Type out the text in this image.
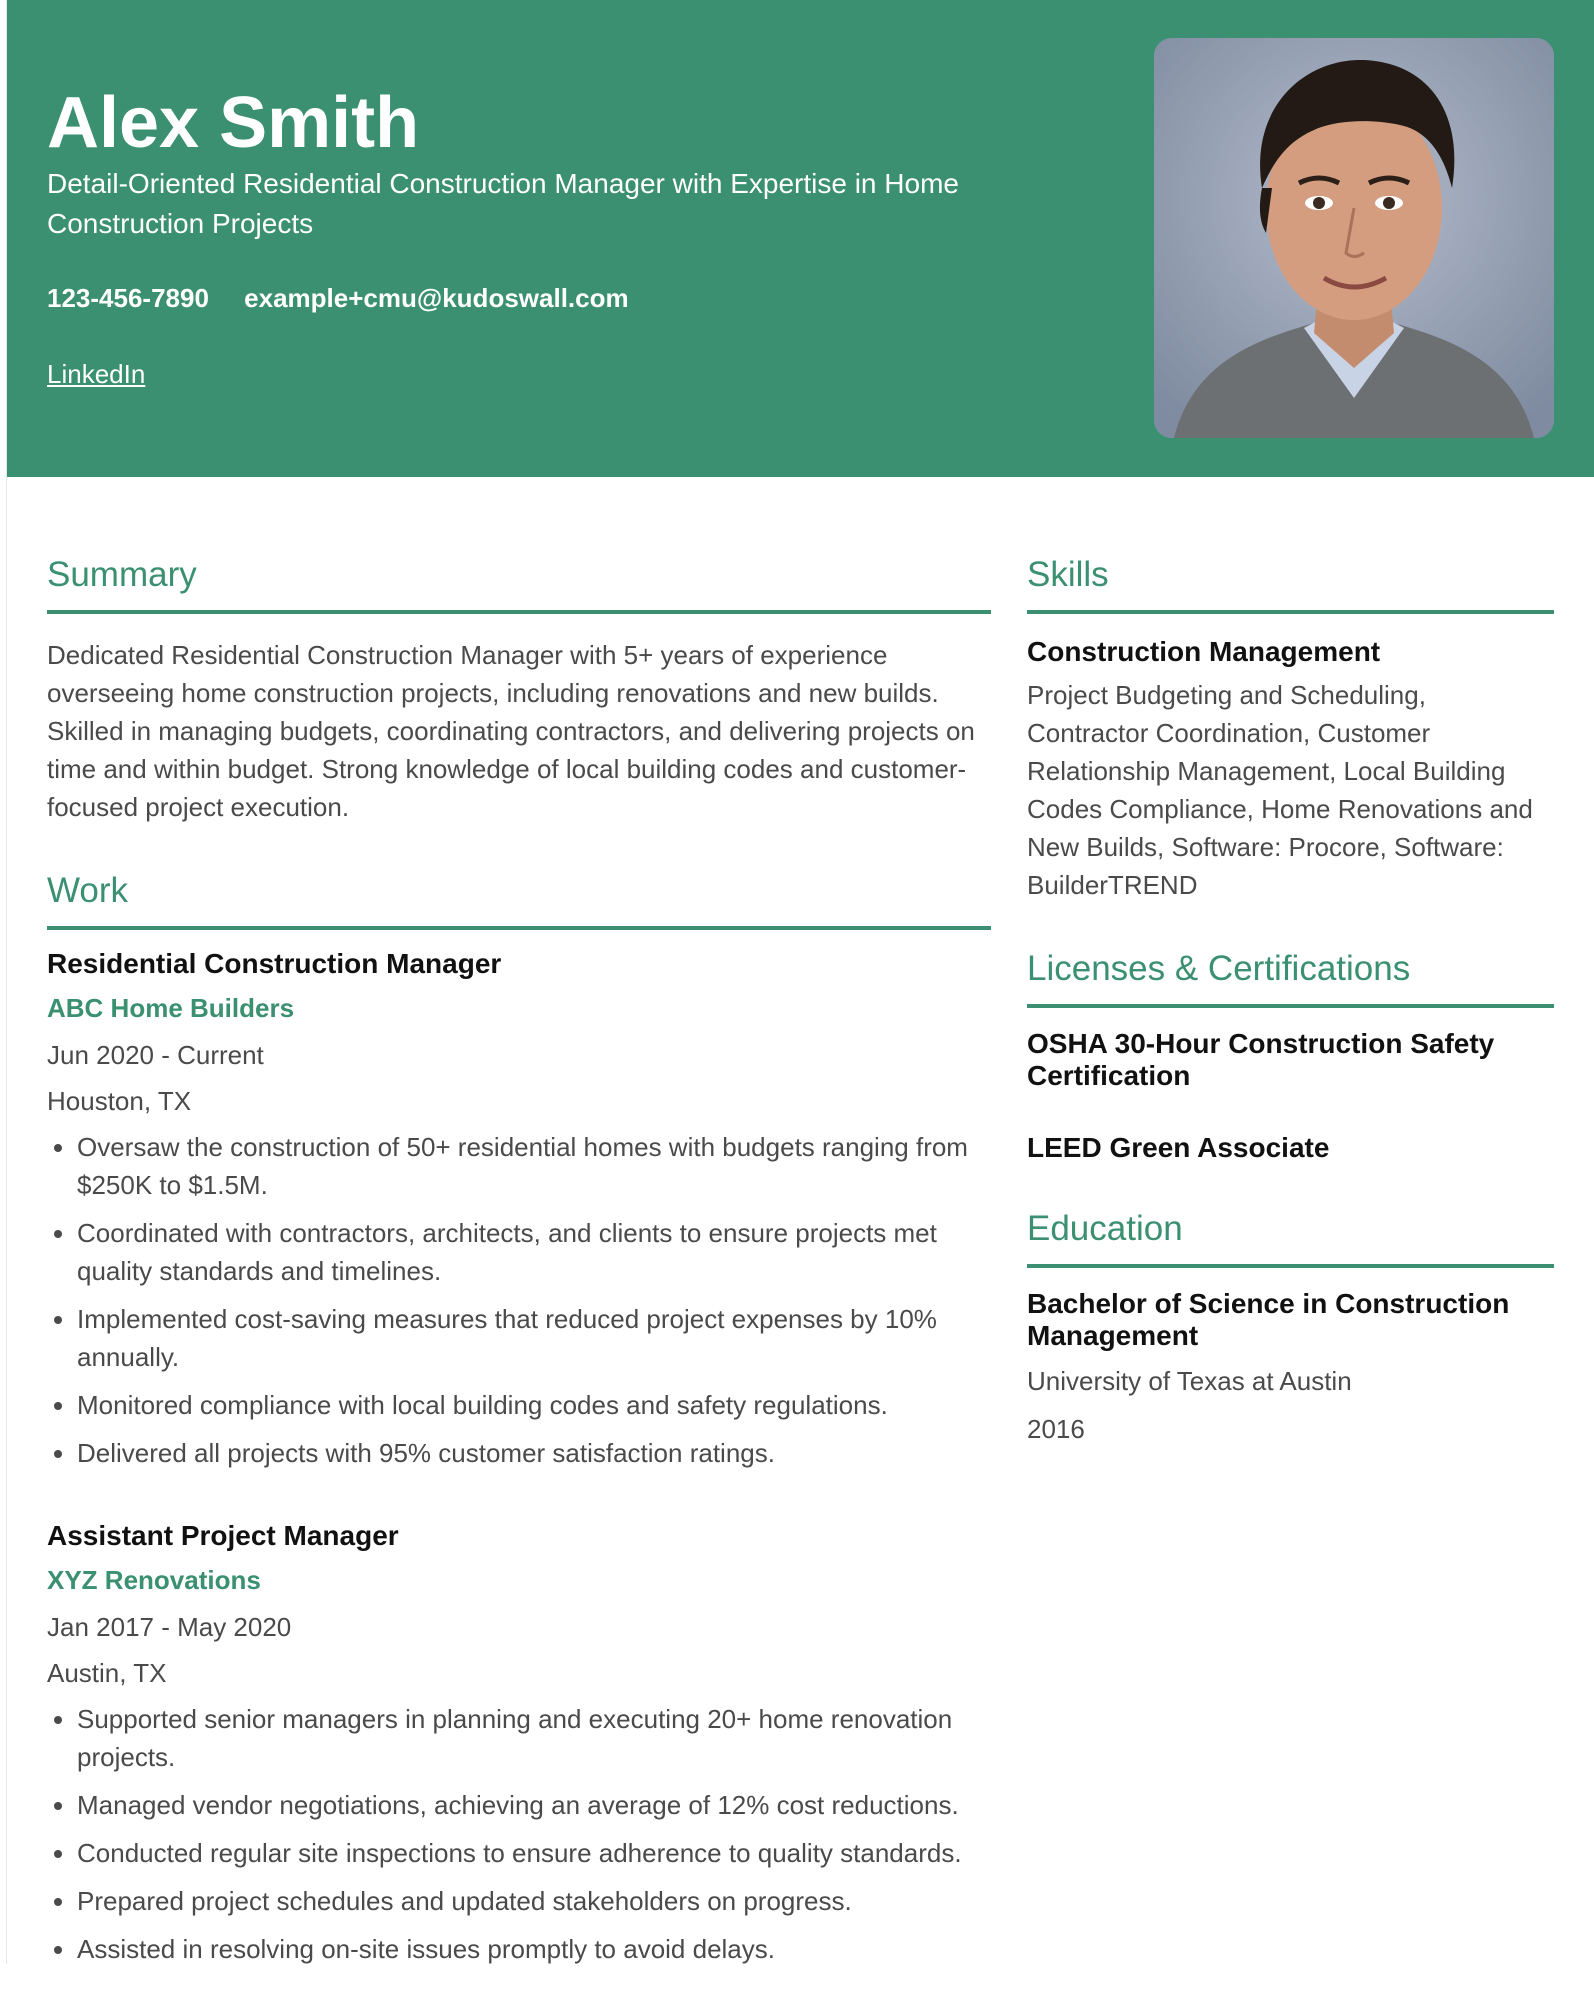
Alex Smith

Detail-Oriented Residential Construction Manager with Expertise in Home Construction Projects

123-456-7890 example+cmu@kudoswall.com
LinkedIn
Summary

Dedicated Residential Construction Manager with 5+ years of experience overseeing home construction projects, including renovations and new builds. Skilled in managing budgets, coordinating contractors, and delivering projects on time and within budget. Strong knowledge of local building codes and customer-focused project execution.

Work

Residential Construction Manager

ABC Home Builders

Jun 2020 - Current

Houston, TX

• Oversaw the construction of 50+ residential homes with budgets ranging from $250K to $1.5M.
• Coordinated with contractors, architects, and clients to ensure projects met quality standards and timelines.
• Implemented cost-saving measures that reduced project expenses by 10% annually.
• Monitored compliance with local building codes and safety regulations.
• Delivered all projects with 95% customer satisfaction ratings.

Assistant Project Manager

XYZ Renovations

Jan 2017 - May 2020

Austin, TX

• Supported senior managers in planning and executing 20+ home renovation projects.
• Managed vendor negotiations, achieving an average of 12% cost reductions.
• Conducted regular site inspections to ensure adherence to quality standards.
• Prepared project schedules and updated stakeholders on progress.
• Assisted in resolving on-site issues promptly to avoid delays.
Skills

Construction Management

Project Budgeting and Scheduling, Contractor Coordination, Customer Relationship Management, Local Building Codes Compliance, Home Renovations and New Builds, Software: Procore, Software: BuilderTREND

Licenses & Certifications

OSHA 30-Hour Construction Safety Certification

LEED Green Associate

Education

Bachelor of Science in Construction Management

University of Texas at Austin

2016
